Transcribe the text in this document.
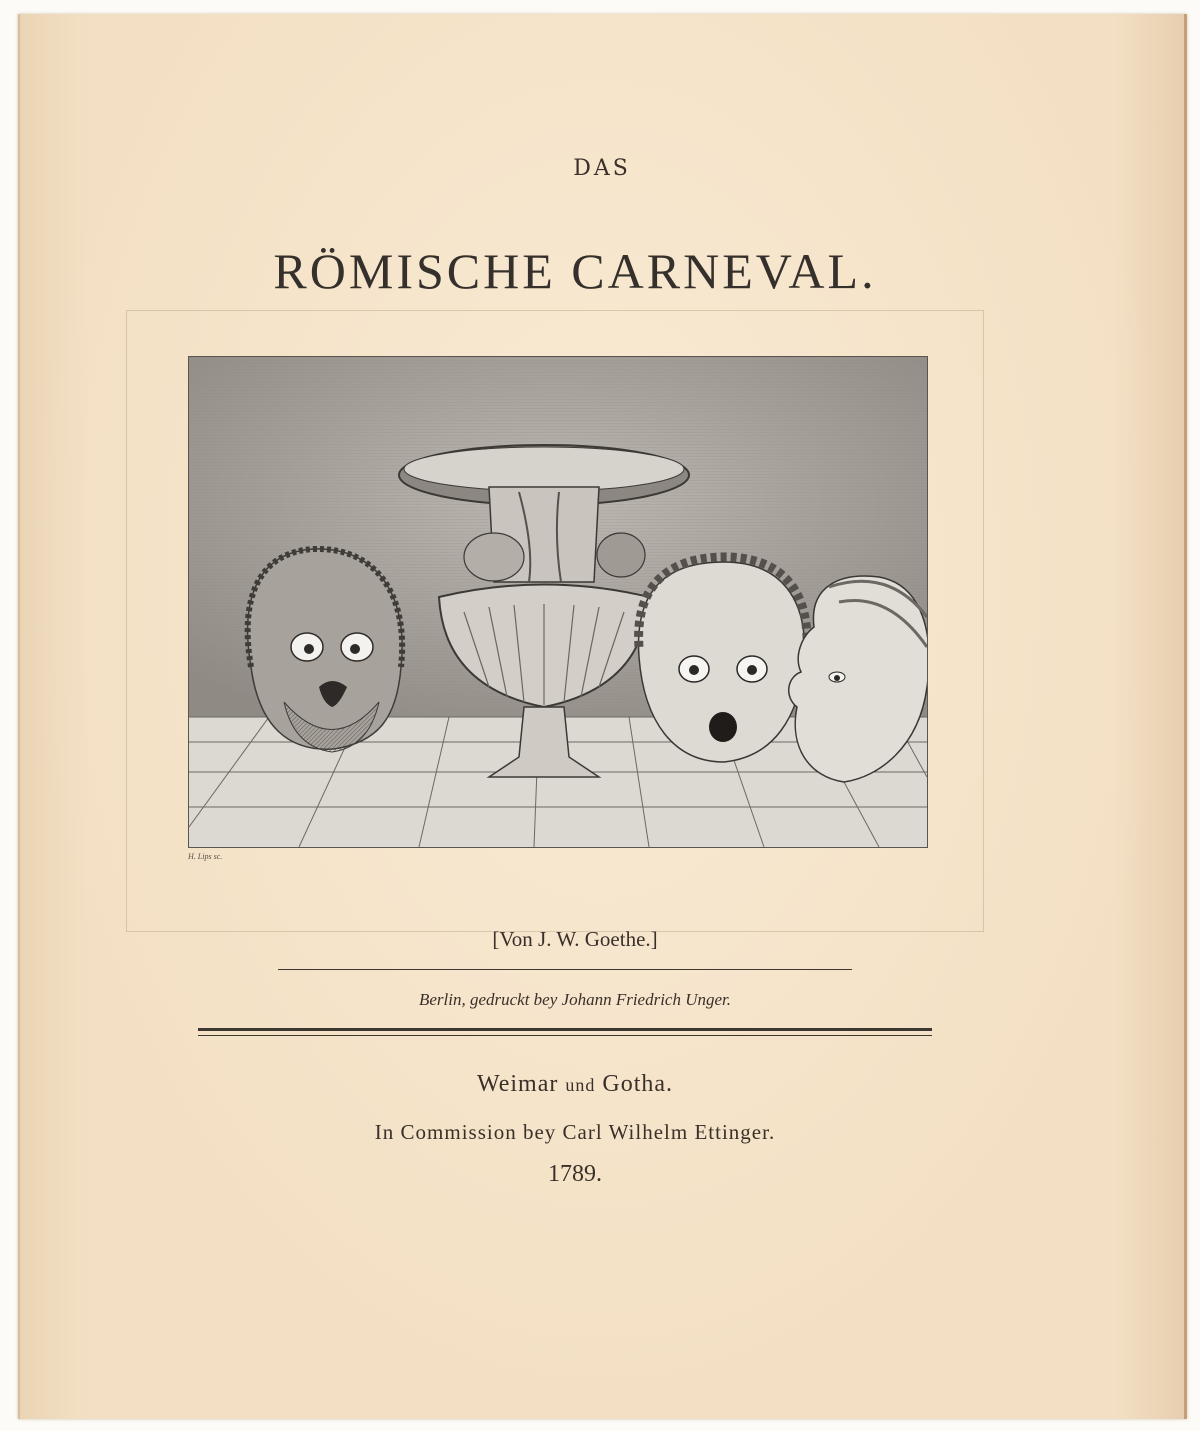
DAS
RÖMISCHE CARNEVAL.
H. Lips sc.
[Von J. W. Goethe.]
Berlin, gedruckt bey Johann Friedrich Unger.
Weimar und Gotha.
In Commission bey Carl Wilhelm Ettinger.
1789.
